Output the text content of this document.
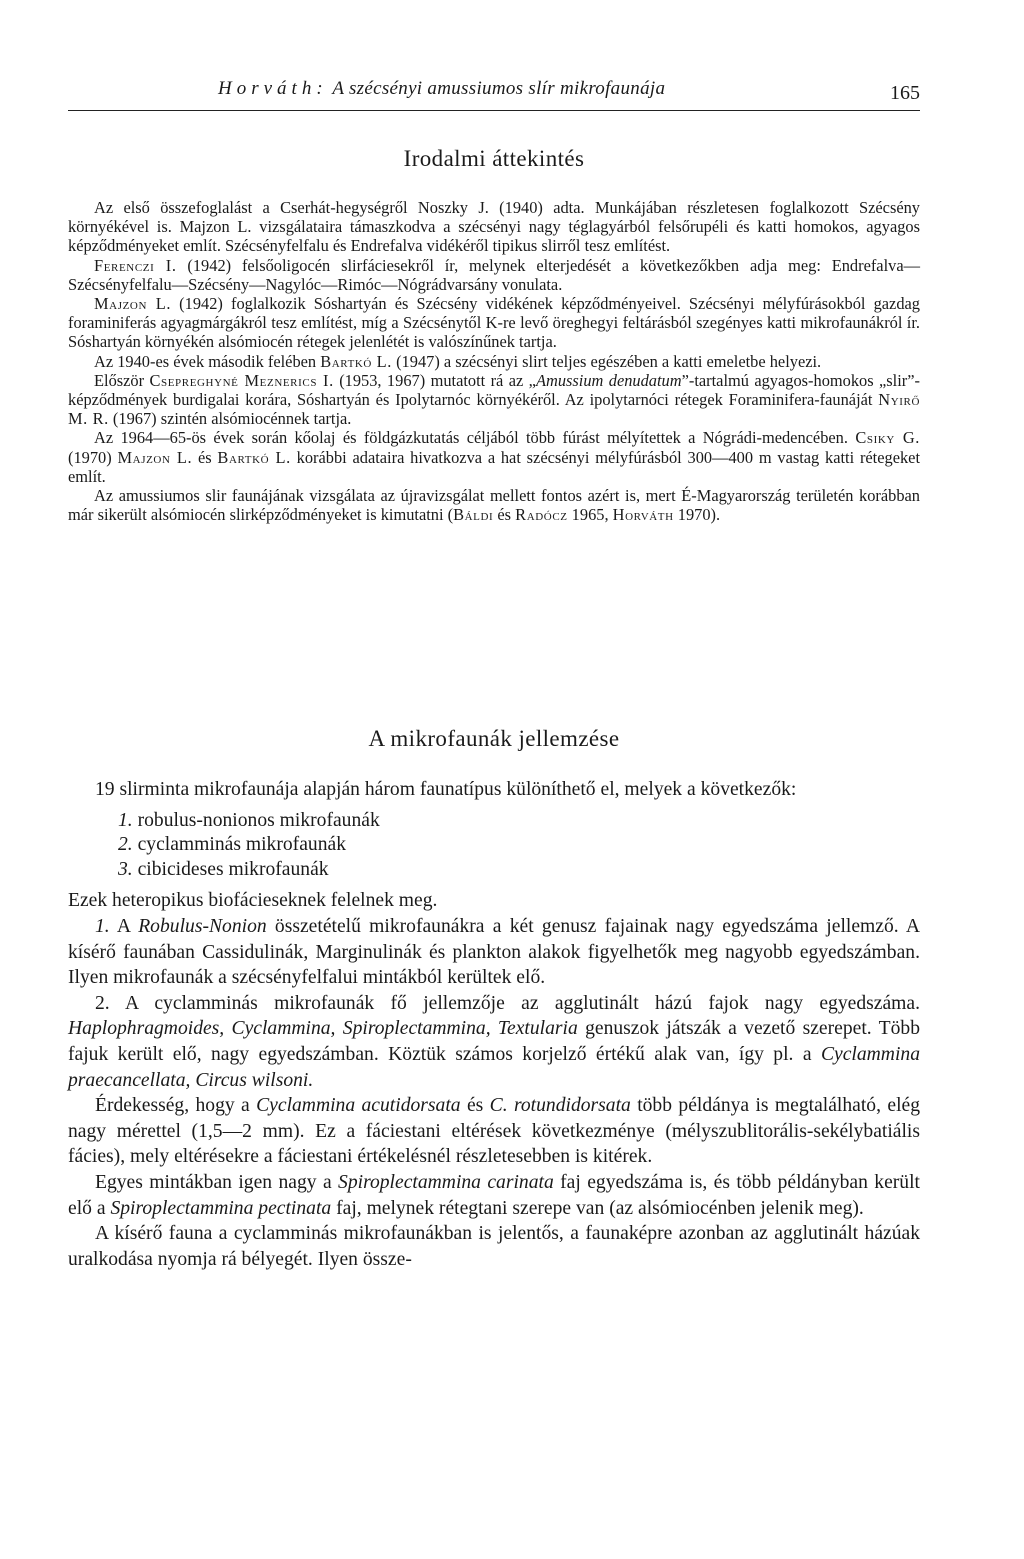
Horváth: A szécsényi amussiumos slír mikrofaunája	165
Irodalmi áttekintés

Az első összefoglalást a Cserhát-hegységről Noszky J. (1940) adta. Munkájában részletesen foglalkozott Szécsény környékével is. Majzon L. vizsgálataira támaszkodva a szécsényi nagy téglagyárból felsőrupéli és katti homokos, agyagos képződményeket említ. Szécsényfelfalu és Endrefalva vidékéről tipikus slirről tesz említést.

Ferenczi I. (1942) felsőoligocén slirfáciesekről ír, melynek elterjedését a következőkben adja meg: Endrefalva—Szécsényfelfalu—Szécsény—Nagylóc—Rimóc—Nógrádvarsány vonulata.

Majzon L. (1942) foglalkozik Sóshartyán és Szécsény vidékének képződményeivel. Szécsényi mélyfúrásokból gazdag foraminiferás agyagmárgákról tesz említést, míg a Szécsénytől K-re levő öreghegyi feltárásból szegényes katti mikrofaunákról ír. Sóshartyán környékén alsómiocén rétegek jelenlétét is valószínűnek tartja.

Az 1940-es évek második felében Bartkó L. (1947) a szécsényi slirt teljes egészében a katti emeletbe helyezi.

Először Csepreghyné Meznerics I. (1953, 1967) mutatott rá az „Amussium denudatum”-tartalmú agyagos-homokos „slir”-képződmények burdigalai korára, Sóshartyán és Ipolytarnóc környékéről. Az ipolytarnóci rétegek Foraminifera-faunáját Nyirő M. R. (1967) szintén alsómiocénnek tartja.

Az 1964—65-ös évek során kőolaj és földgázkutatás céljából több fúrást mélyítettek a Nógrádi-medencében. Csiky G. (1970) Majzon L. és Bartkó L. korábbi adataira hivatkozva a hat szécsényi mélyfúrásból 300—400 m vastag katti rétegeket említ.

Az amussiumos slir faunájának vizsgálata az újravizsgálat mellett fontos azért is, mert É-Magyarország területén korábban már sikerült alsómiocén slirképződményeket is kimutatni (Báldi és Radócz 1965, Horváth 1970).

A mikrofaunák jellemzése

19 slirminta mikrofaunája alapján három faunatípus különíthető el, melyek a következők:

1. robulus-nonionos mikrofaunák
2. cyclamminás mikrofaunák
3. cibicideses mikrofaunák

Ezek heteropikus biofácieseknek felelnek meg.

1. A Robulus-Nonion összetételű mikrofaunákra a két genusz fajainak nagy egyedszáma jellemző. A kísérő faunában Cassidulinák, Marginulinák és plankton alakok figyelhetők meg nagyobb egyedszámban. Ilyen mikrofaunák a szécsényfelfalui mintákból kerültek elő.

2. A cyclamminás mikrofaunák fő jellemzője az agglutinált házú fajok nagy egyedszáma. Haplophragmoides, Cyclammina, Spiroplectammina, Textularia genuszok játszák a vezető szerepet. Több fajuk került elő, nagy egyedszámban. Köztük számos korjelző értékű alak van, így pl. a Cyclammina praecancellata, Circus wilsoni.

Érdekesség, hogy a Cyclammina acutidorsata és C. rotundidorsata több példánya is megtalálható, elég nagy mérettel (1,5—2 mm). Ez a fáciestani eltérések következménye (mélyszublitorális-sekélybatiális fácies), mely eltérésekre a fáciestani értékelésnél részletesebben is kitérek.

Egyes mintákban igen nagy a Spiroplectammina carinata faj egyedszáma is, és több példányban került elő a Spiroplectammina pectinata faj, melynek rétegtani szerepe van (az alsómiocénben jelenik meg).

A kísérő fauna a cyclamminás mikrofaunákban is jelentős, a faunaképre azonban az agglutinált házúak uralkodása nyomja rá bélyegét. Ilyen össze-
